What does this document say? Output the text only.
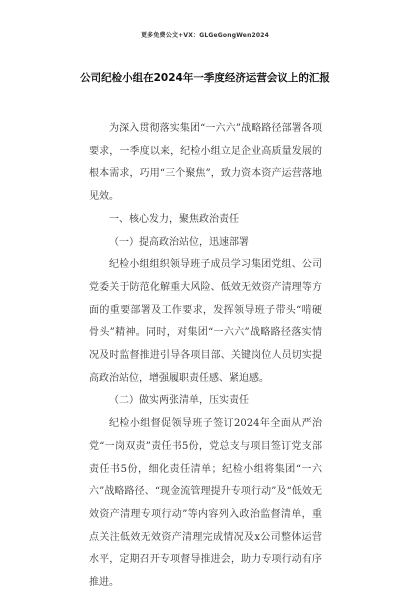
更多免费公文+VX：GLGeGongWen2024
公司纪检小组在2024年一季度经济运营会议上的汇报

为深入贯彻落实集团“一六六”战略路径部署各项要求，一季度以来，纪检小组立足企业高质量发展的根本需求，巧用“三个聚焦”，致力资本资产运营落地见效。

一、核心发力，聚焦政治责任

（一）提高政治站位，迅速部署

纪检小组组织领导班子成员学习集团党组、公司党委关于防范化解重大风险、低效无效资产清理等方面的重要部署及工作要求，发挥领导班子带头“啃硬骨头”精神。同时，对集团“一六六”战略路径落实情况及时监督推进引导各项目部、关键岗位人员切实提高政治站位，增强履职责任感、紧迫感。

（二）做实两张清单，压实责任

纪检小组督促领导班子签订2024年全面从严治党“一岗双责”责任书5份，党总支与项目签订党支部责任书5份，细化责任清单；纪检小组将集团“一六六”战略路径、“现金流管理提升专项行动”及“低效无效资产清理专项行动”等内容列入政治监督清单，重点关注低效无效资产清理完成情况及x公司整体运营水平，定期召开专项督导推进会，助力专项行动有序推进。
